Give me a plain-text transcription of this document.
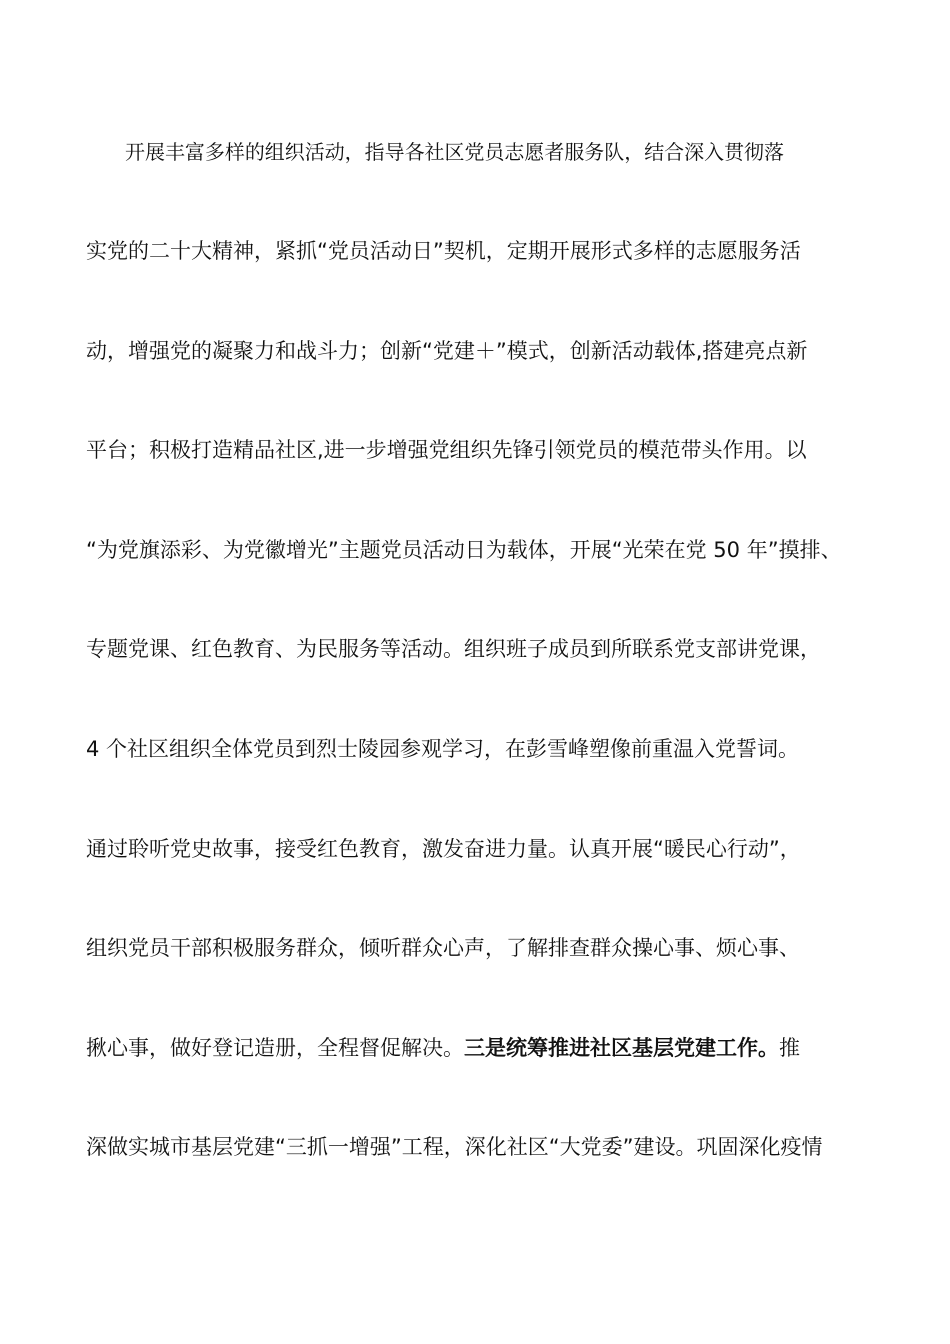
开展丰富多样的组织活动，指导各社区党员志愿者服务队，结合深入贯彻落
实党的二十大精神，紧抓“党员活动日”契机，定期开展形式多样的志愿服务活
动，增强党的凝聚力和战斗力；创新“党建＋”模式，创新活动载体,搭建亮点新
平台；积极打造精品社区,进一步增强党组织先锋引领党员的模范带头作用。以
“为党旗添彩、为党徽增光”主题党员活动日为载体，开展“光荣在党 50 年”摸排、
专题党课、红色教育、为民服务等活动。组织班子成员到所联系党支部讲党课，
4 个社区组织全体党员到烈士陵园参观学习，在彭雪峰塑像前重温入党誓词。
通过聆听党史故事，接受红色教育，激发奋进力量。认真开展“暖民心行动”，
组织党员干部积极服务群众，倾听群众心声，了解排查群众操心事、烦心事、
揪心事，做好登记造册，全程督促解决。三是统筹推进社区基层党建工作。推
深做实城市基层党建“三抓一增强”工程，深化社区“大党委”建设。巩固深化疫情
